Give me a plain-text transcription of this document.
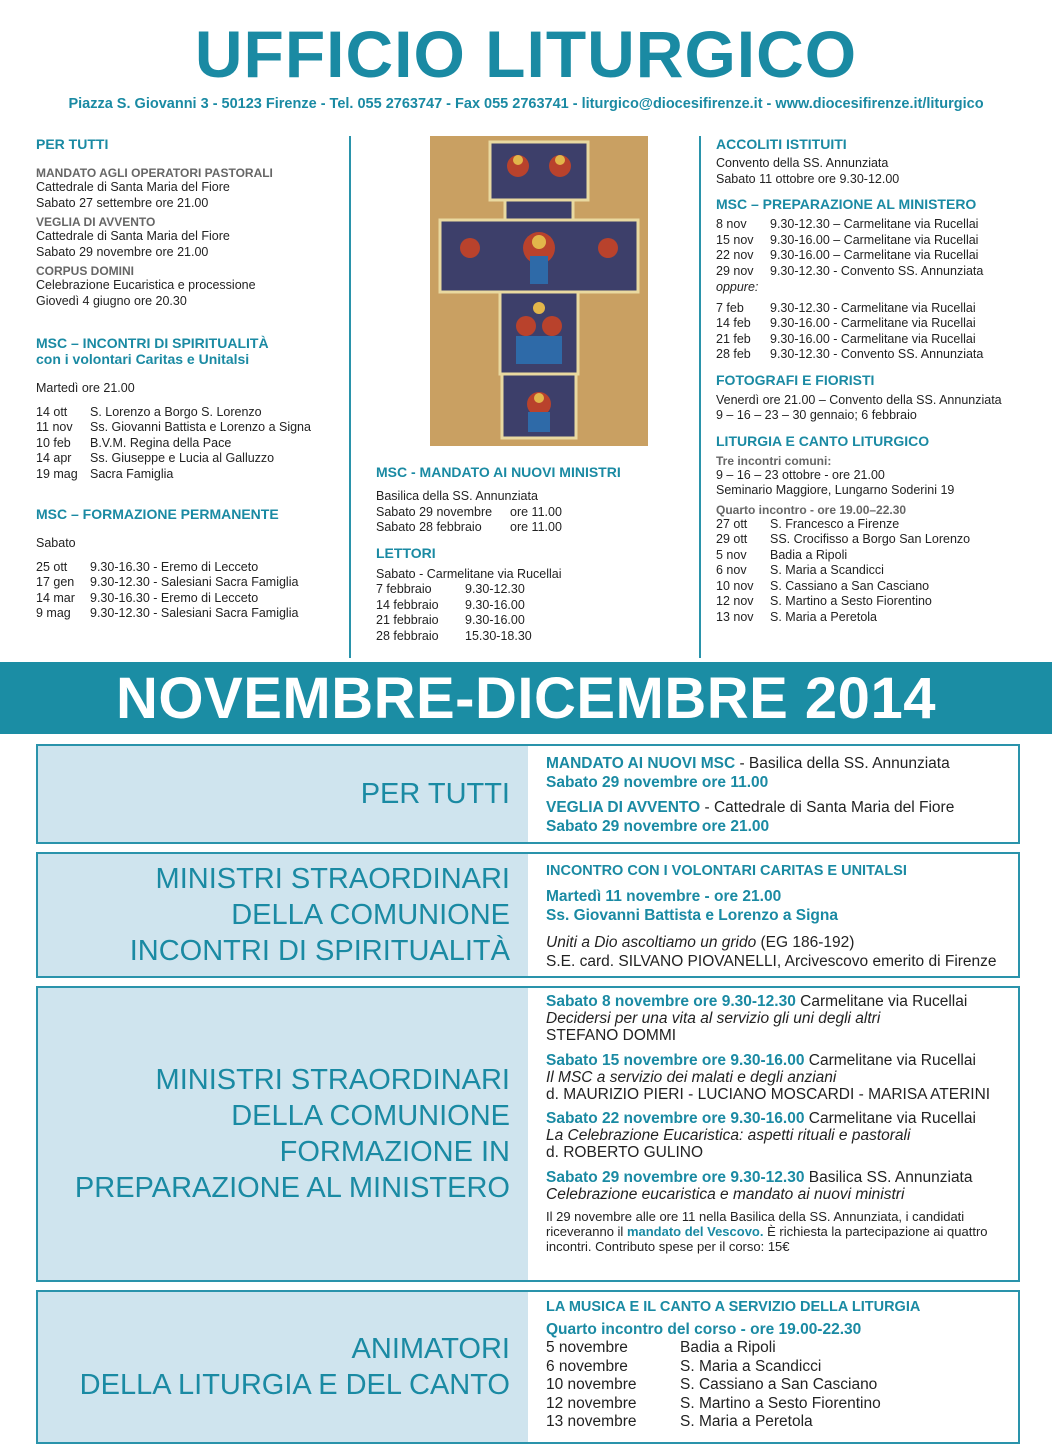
UFFICIO LITURGICO
Piazza S. Giovanni 3 - 50123 Firenze - Tel. 055 2763747 - Fax 055 2763741 - liturgico@diocesifirenze.it - www.diocesifirenze.it/liturgico
PER TUTTI
MANDATO AGLI OPERATORI PASTORALI
Cattedrale di Santa Maria del Fiore
Sabato 27 settembre ore 21.00
VEGLIA DI AVVENTO
Cattedrale di Santa Maria del Fiore
Sabato 29 novembre ore 21.00
CORPUS DOMINI
Celebrazione Eucaristica e processione
Giovedì 4 giugno ore 20.30
MSC – INCONTRI DI SPIRITUALITÀ
con i volontari Caritas e Unitalsi
Martedì ore 21.00
14 ott	S. Lorenzo a Borgo S. Lorenzo
11 nov	Ss. Giovanni Battista e Lorenzo a Signa
10 feb	B.V.M. Regina della Pace
14 apr	Ss. Giuseppe e Lucia al Galluzzo
19 mag	Sacra Famiglia
MSC – FORMAZIONE PERMANENTE
Sabato
25 ott	9.30-16.30 - Eremo di Lecceto
17 gen	9.30-12.30 - Salesiani Sacra Famiglia
14 mar	9.30-16.30 - Eremo di Lecceto
9 mag	9.30-12.30 - Salesiani Sacra Famiglia
MSC - MANDATO AI NUOVI MINISTRI
Basilica della SS. Annunziata
Sabato 29 novembre	ore 11.00
Sabato 28 febbraio	ore 11.00
LETTORI
Sabato - Carmelitane via Rucellai
7 febbraio	9.30-12.30
14 febbraio	9.30-16.00
21 febbraio	9.30-16.00
28 febbraio	15.30-18.30
ACCOLITI ISTITUITI
Convento della SS. Annunziata
Sabato 11 ottobre ore 9.30-12.00
MSC – PREPARAZIONE AL MINISTERO
8 nov	9.30-12.30 – Carmelitane via Rucellai
15 nov	9.30-16.00 – Carmelitane via Rucellai
22 nov	9.30-16.00 – Carmelitane via Rucellai
29 nov	9.30-12.30 - Convento SS. Annunziata
oppure:
7 feb	9.30-12.30 - Carmelitane via Rucellai
14 feb	9.30-16.00 - Carmelitane via Rucellai
21 feb	9.30-16.00 - Carmelitane via Rucellai
28 feb	9.30-12.30 - Convento SS. Annunziata
FOTOGRAFI E FIORISTI
Venerdì ore 21.00 – Convento della SS. Annunziata
9 – 16 – 23 – 30 gennaio; 6 febbraio
LITURGIA E CANTO LITURGICO
Tre incontri comuni:
9 – 16 – 23 ottobre - ore 21.00
Seminario Maggiore, Lungarno Soderini 19
Quarto incontro - ore 19.00–22.30
27 ott	S. Francesco a Firenze
29 ott	SS. Crocifisso a Borgo San Lorenzo
5 nov	Badia a Ripoli
6 nov	S. Maria a Scandicci
10 nov	S. Cassiano a San Casciano
12 nov	S. Martino a Sesto Fiorentino
13 nov	S. Maria a Peretola
NOVEMBRE-DICEMBRE 2014
PER TUTTI
MANDATO AI NUOVI MSC - Basilica della SS. Annunziata
Sabato 29 novembre ore 11.00
VEGLIA DI AVVENTO - Cattedrale di Santa Maria del Fiore
Sabato 29 novembre ore 21.00
MINISTRI STRAORDINARI
DELLA COMUNIONE
INCONTRI DI SPIRITUALITÀ
INCONTRO CON I VOLONTARI CARITAS E UNITALSI
Martedì 11 novembre - ore 21.00
Ss. Giovanni Battista e Lorenzo a Signa
Uniti a Dio ascoltiamo un grido (EG 186-192)
S.E. card. SILVANO PIOVANELLI, Arcivescovo emerito di Firenze
MINISTRI STRAORDINARI
DELLA COMUNIONE
FORMAZIONE IN
PREPARAZIONE AL MINISTERO
Sabato 8 novembre ore 9.30-12.30 Carmelitane via Rucellai
Decidersi per una vita al servizio gli uni degli altri
STEFANO DOMMI
Sabato 15 novembre ore 9.30-16.00 Carmelitane via Rucellai
Il MSC a servizio dei malati e degli anziani
d. MAURIZIO PIERI - LUCIANO MOSCARDI - MARISA ATERINI
Sabato 22 novembre ore 9.30-16.00 Carmelitane via Rucellai
La Celebrazione Eucaristica: aspetti rituali e pastorali
d. ROBERTO GULINO
Sabato 29 novembre ore 9.30-12.30 Basilica SS. Annunziata
Celebrazione eucaristica e mandato ai nuovi ministri
Il 29 novembre alle ore 11 nella Basilica della SS. Annunziata, i candidati riceveranno il mandato del Vescovo. È richiesta la partecipazione ai quattro incontri. Contributo spese per il corso: 15€
ANIMATORI
DELLA LITURGIA E DEL CANTO
LA MUSICA E IL CANTO A SERVIZIO DELLA LITURGIA
Quarto incontro del corso - ore 19.00-22.30
5 novembre	Badia a Ripoli
6 novembre	S. Maria a Scandicci
10 novembre	S. Cassiano a San Casciano
12 novembre	S. Martino a Sesto Fiorentino
13 novembre	S. Maria a Peretola
